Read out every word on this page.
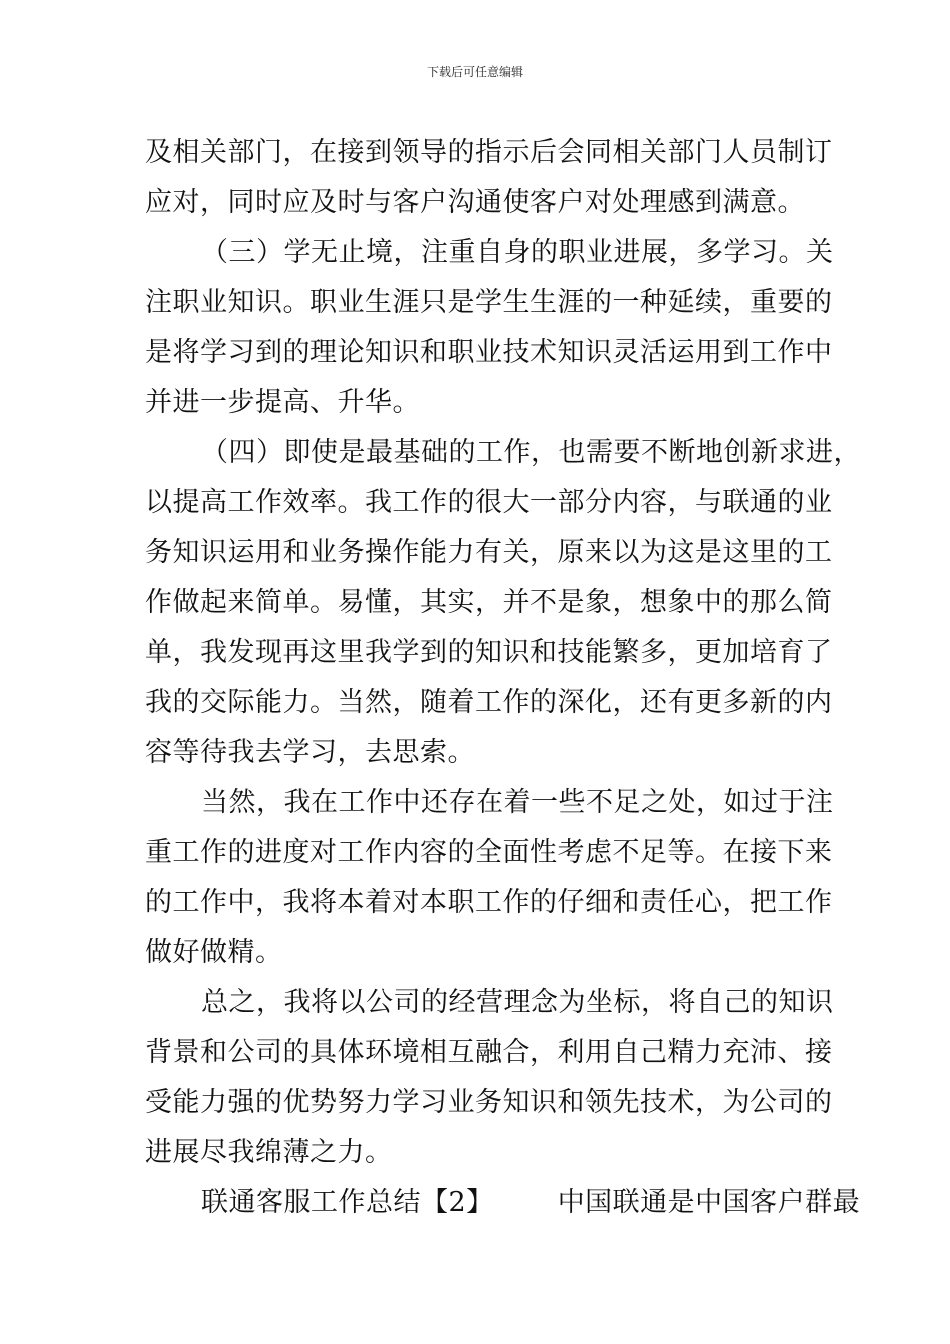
下载后可任意编辑
及相关部门，在接到领导的指示后会同相关部门人员制订
应对，同时应及时与客户沟通使客户对处理感到满意。
（三）学无止境，注重自身的职业进展，多学习。关
注职业知识。职业生涯只是学生生涯的一种延续，重要的
是将学习到的理论知识和职业技术知识灵活运用到工作中
并进一步提高、升华。
（四）即使是最基础的工作，也需要不断地创新求进，
以提高工作效率。我工作的很大一部分内容，与联通的业
务知识运用和业务操作能力有关，原来以为这是这里的工
作做起来简单。易懂，其实，并不是象，想象中的那么简
单，我发现再这里我学到的知识和技能繁多，更加培育了
我的交际能力。当然，随着工作的深化，还有更多新的内
容等待我去学习，去思索。
当然，我在工作中还存在着一些不足之处，如过于注
重工作的进度对工作内容的全面性考虑不足等。在接下来
的工作中，我将本着对本职工作的仔细和责任心，把工作
做好做精。
总之，我将以公司的经营理念为坐标，将自己的知识
背景和公司的具体环境相互融合，利用自己精力充沛、接
受能力强的优势努力学习业务知识和领先技术，为公司的
进展尽我绵薄之力。
联通客服工作总结【2】 中国联通是中国客户群最
